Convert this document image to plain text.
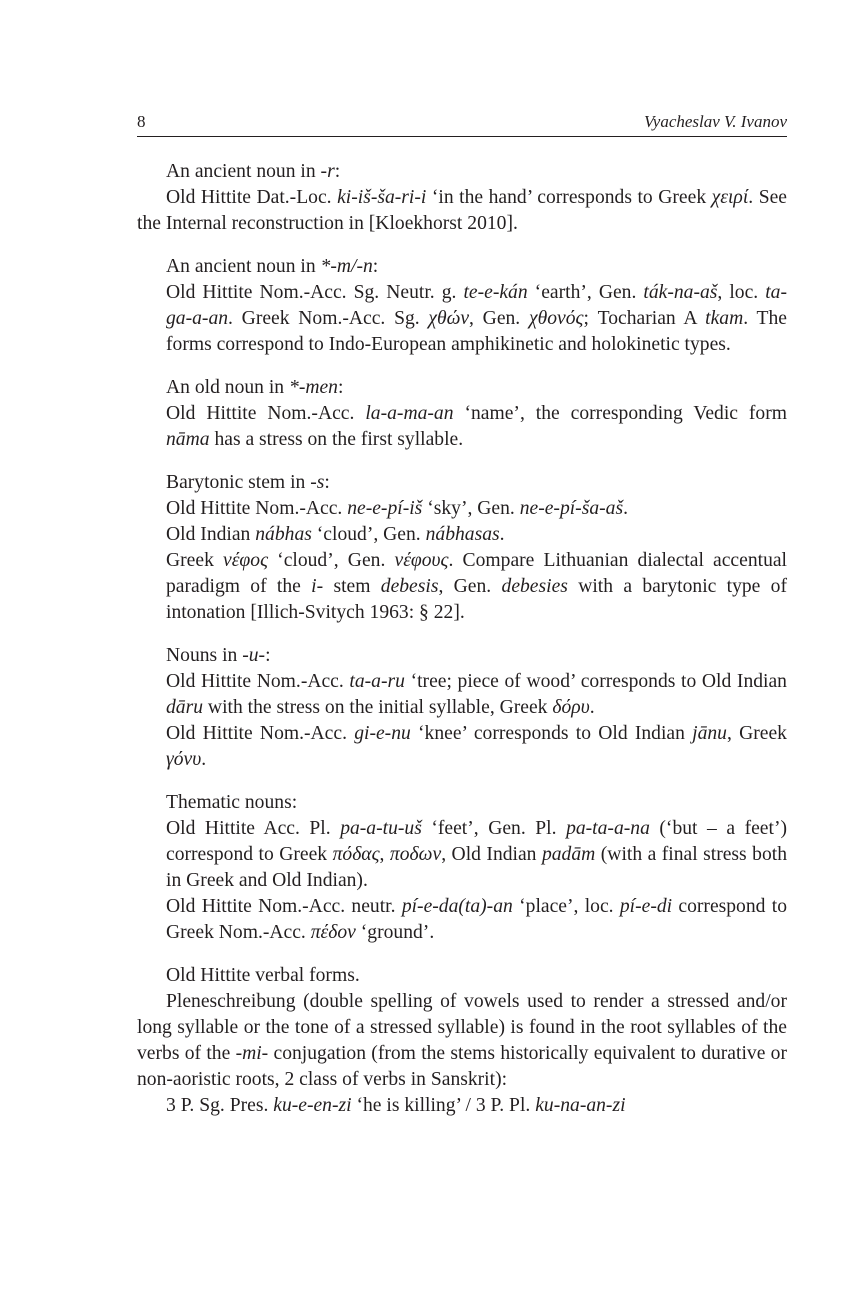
8	Vyacheslav V. Ivanov

An ancient noun in -r:

Old Hittite Dat.-Loc. ki-iš-ša-ri-i ‘in the hand’ corresponds to Greek χειρί. See the Internal reconstruction in [Kloekhorst 2010].

An ancient noun in *-m/-n:

Old Hittite Nom.-Acc. Sg. Neutr. g. te-e-kán ‘earth’, Gen. ták-na-aš, loc. ta-ga-a-an. Greek Nom.-Acc. Sg. χθών, Gen. χθονός; Tocharian A tkam. The forms correspond to Indo-European amphikinetic and holokinetic types.

An old noun in *-men:

Old Hittite Nom.-Acc. la-a-ma-an ‘name’, the corresponding Vedic form nāma has a stress on the first syllable.

Barytonic stem in -s:

Old Hittite Nom.-Acc. ne-e-pí-iš ‘sky’, Gen. ne-e-pí-ša-aš.

Old Indian nábhas ‘cloud’, Gen. nábhasas.

Greek νέφος ‘cloud’, Gen. νέφους. Compare Lithuanian dialectal accentual paradigm of the i- stem debesis, Gen. debesies with a barytonic type of intonation [Illich-Svitych 1963: § 22].

Nouns in -u-:

Old Hittite Nom.-Acc. ta-a-ru ‘tree; piece of wood’ corresponds to Old Indian dāru with the stress on the initial syllable, Greek δόρυ.

Old Hittite Nom.-Acc. gi-e-nu ‘knee’ corresponds to Old Indian jānu, Greek γόνυ.

Thematic nouns:

Old Hittite Acc. Pl. pa-a-tu-uš ‘feet’, Gen. Pl. pa-ta-a-na (‘but – a feet’) correspond to Greek πόδας, ποδων, Old Indian padām (with a final stress both in Greek and Old Indian).

Old Hittite Nom.-Acc. neutr. pí-e-da(ta)-an ‘place’, loc. pí-e-di correspond to Greek Nom.-Acc. πέδον ‘ground’.

Old Hittite verbal forms.

Pleneschreibung (double spelling of vowels used to render a stressed and/or long syllable or the tone of a stressed syllable) is found in the root syllables of the verbs of the -mi- conjugation (from the stems historically equivalent to durative or non-aoristic roots, 2 class of verbs in Sanskrit):

3 P. Sg. Pres. ku-e-en-zi ‘he is killing’ / 3 P. Pl. ku-na-an-zi
